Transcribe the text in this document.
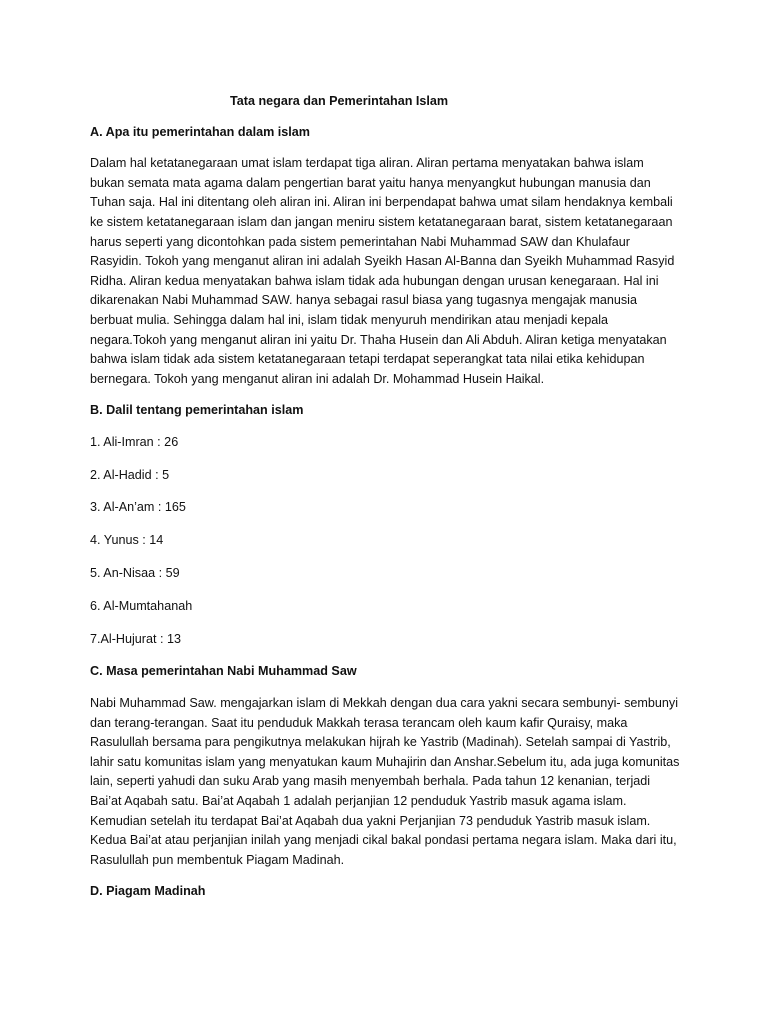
Tata negara dan Pemerintahan Islam
A. Apa itu pemerintahan dalam islam
Dalam hal ketatanegaraan umat islam terdapat tiga aliran. Aliran pertama menyatakan bahwa islam bukan semata mata agama dalam pengertian barat yaitu hanya menyangkut hubungan manusia dan Tuhan saja. Hal ini ditentang oleh aliran ini. Aliran ini berpendapat bahwa umat silam hendaknya kembali ke sistem ketatanegaraan islam dan jangan meniru sistem ketatanegaraan barat, sistem ketatanegaraan harus seperti yang dicontohkan pada sistem pemerintahan Nabi Muhammad SAW dan Khulafaur Rasyidin. Tokoh yang menganut aliran ini adalah Syeikh Hasan Al-Banna dan Syeikh Muhammad Rasyid Ridha. Aliran kedua menyatakan bahwa islam tidak ada hubungan dengan urusan kenegaraan. Hal ini dikarenakan Nabi Muhammad SAW. hanya sebagai rasul biasa yang tugasnya mengajak manusia berbuat mulia. Sehingga dalam hal ini, islam tidak menyuruh mendirikan atau menjadi kepala negara.Tokoh yang menganut aliran ini yaitu Dr. Thaha Husein dan Ali Abduh. Aliran ketiga menyatakan bahwa islam tidak ada sistem ketatanegaraan tetapi terdapat seperangkat tata nilai etika kehidupan bernegara. Tokoh yang menganut aliran ini adalah Dr. Mohammad Husein Haikal.
B. Dalil tentang pemerintahan islam
1. Ali-Imran : 26
2. Al-Hadid : 5
3. Al-An’am : 165
4. Yunus : 14
5. An-Nisaa : 59
6. Al-Mumtahanah
7.Al-Hujurat : 13
C. Masa pemerintahan Nabi Muhammad Saw
Nabi Muhammad Saw. mengajarkan islam di Mekkah dengan dua cara yakni secara sembunyi- sembunyi dan terang-terangan. Saat itu penduduk Makkah terasa terancam oleh kaum kafir Quraisy, maka Rasulullah bersama para pengikutnya melakukan hijrah ke Yastrib (Madinah). Setelah sampai di Yastrib, lahir satu komunitas islam yang menyatukan kaum Muhajirin dan Anshar.Sebelum itu, ada juga komunitas lain, seperti yahudi dan suku Arab yang masih menyembah berhala. Pada tahun 12 kenanian, terjadi Bai’at Aqabah satu. Bai’at Aqabah 1 adalah perjanjian 12 penduduk Yastrib masuk agama islam. Kemudian setelah itu terdapat Bai’at Aqabah dua yakni Perjanjian 73 penduduk Yastrib masuk islam. Kedua Bai’at atau perjanjian inilah yang menjadi cikal bakal pondasi pertama negara islam. Maka dari itu, Rasulullah pun membentuk Piagam Madinah.
D. Piagam Madinah
